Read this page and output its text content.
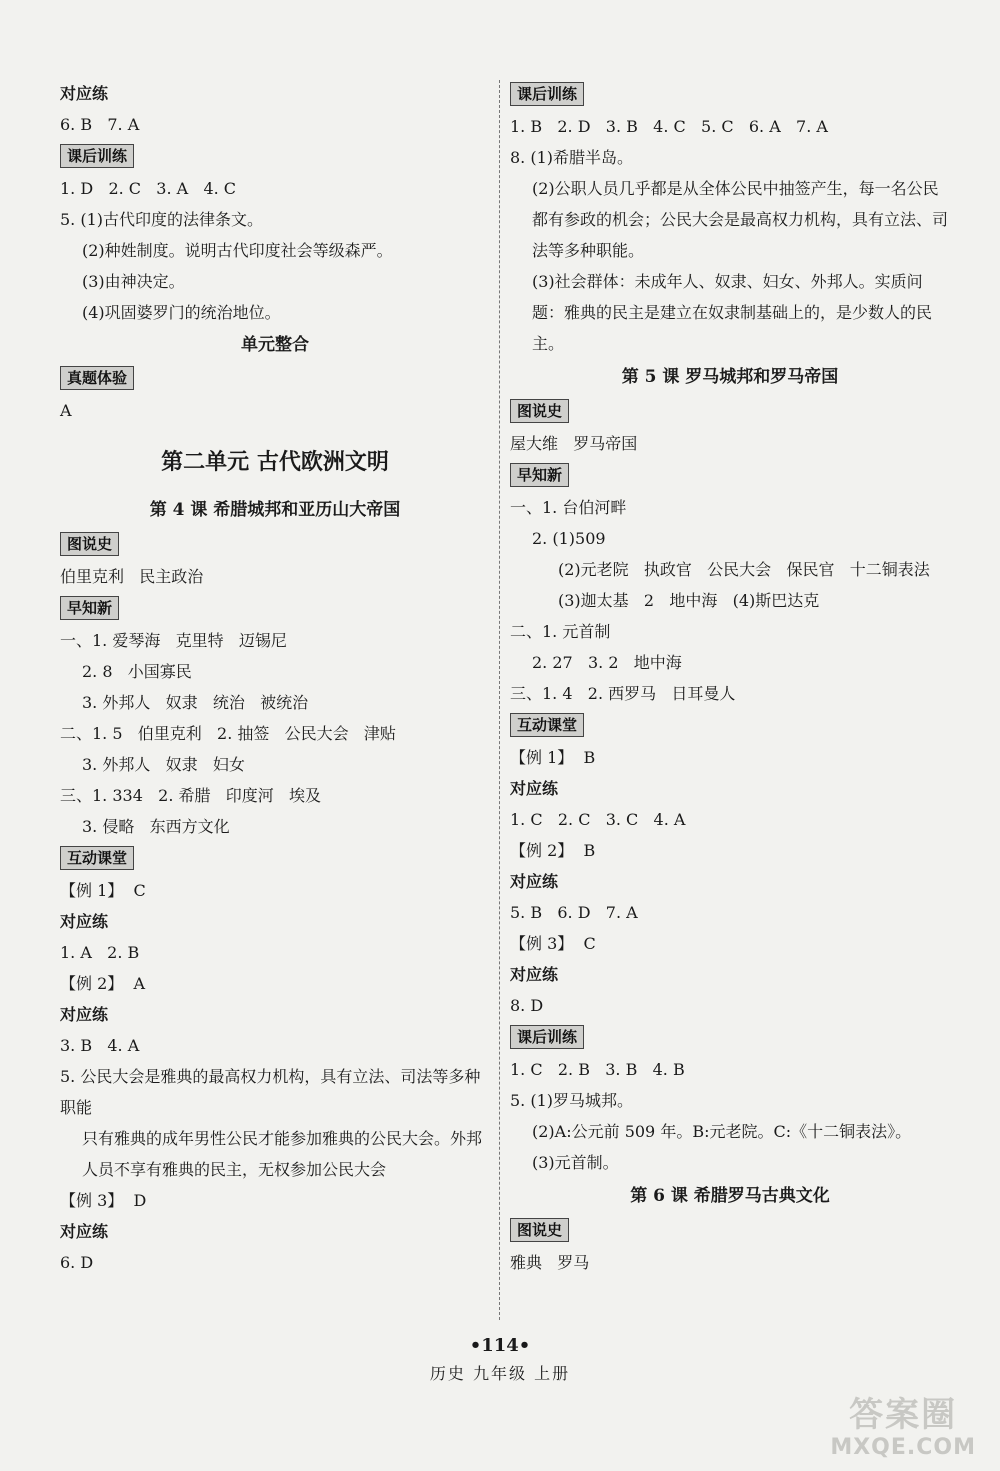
对应练
6. B   7. A
课后训练
1. D   2. C   3. A   4. C
5. (1)古代印度的法律条文。
(2)种姓制度。说明古代印度社会等级森严。
(3)由神决定。
(4)巩固婆罗门的统治地位。
单元整合
真题体验
A
第二单元 古代欧洲文明
第 4 课 希腊城邦和亚历山大帝国
图说史
伯里克利   民主政治
早知新
一、1. 爱琴海   克里特   迈锡尼
2. 8   小国寡民
3. 外邦人   奴隶   统治   被统治
二、1. 5   伯里克利   2. 抽签   公民大会   津贴
3. 外邦人   奴隶   妇女
三、1. 334   2. 希腊   印度河   埃及
3. 侵略   东西方文化
互动课堂
【例 1】  C
对应练
1. A   2. B
【例 2】  A
对应练
3. B   4. A
5. 公民大会是雅典的最高权力机构，具有立法、司法等多种职能
只有雅典的成年男性公民才能参加雅典的公民大会。外邦人员不享有雅典的民主，无权参加公民大会
【例 3】  D
对应练
6. D
课后训练
1. B   2. D   3. B   4. C   5. C   6. A   7. A
8. (1)希腊半岛。
(2)公职人员几乎都是从全体公民中抽签产生，每一名公民都有参政的机会；公民大会是最高权力机构，具有立法、司法等多种职能。
(3)社会群体：未成年人、奴隶、妇女、外邦人。实质问题：雅典的民主是建立在奴隶制基础上的，是少数人的民主。
第 5 课 罗马城邦和罗马帝国
图说史
屋大维   罗马帝国
早知新
一、1. 台伯河畔
2. (1)509
(2)元老院   执政官   公民大会   保民官   十二铜表法
(3)迦太基   2   地中海   (4)斯巴达克
二、1. 元首制
2. 27   3. 2   地中海
三、1. 4   2. 西罗马   日耳曼人
互动课堂
【例 1】  B
对应练
1. C   2. C   3. C   4. A
【例 2】  B
对应练
5. B   6. D   7. A
【例 3】  C
对应练
8. D
课后训练
1. C   2. B   3. B   4. B
5. (1)罗马城邦。
(2)A:公元前 509 年。B:元老院。C:《十二铜表法》。
(3)元首制。
第 6 课 希腊罗马古典文化
图说史
雅典   罗马
•114•
历史 九年级 上册
答案圈
MXQE.COM
